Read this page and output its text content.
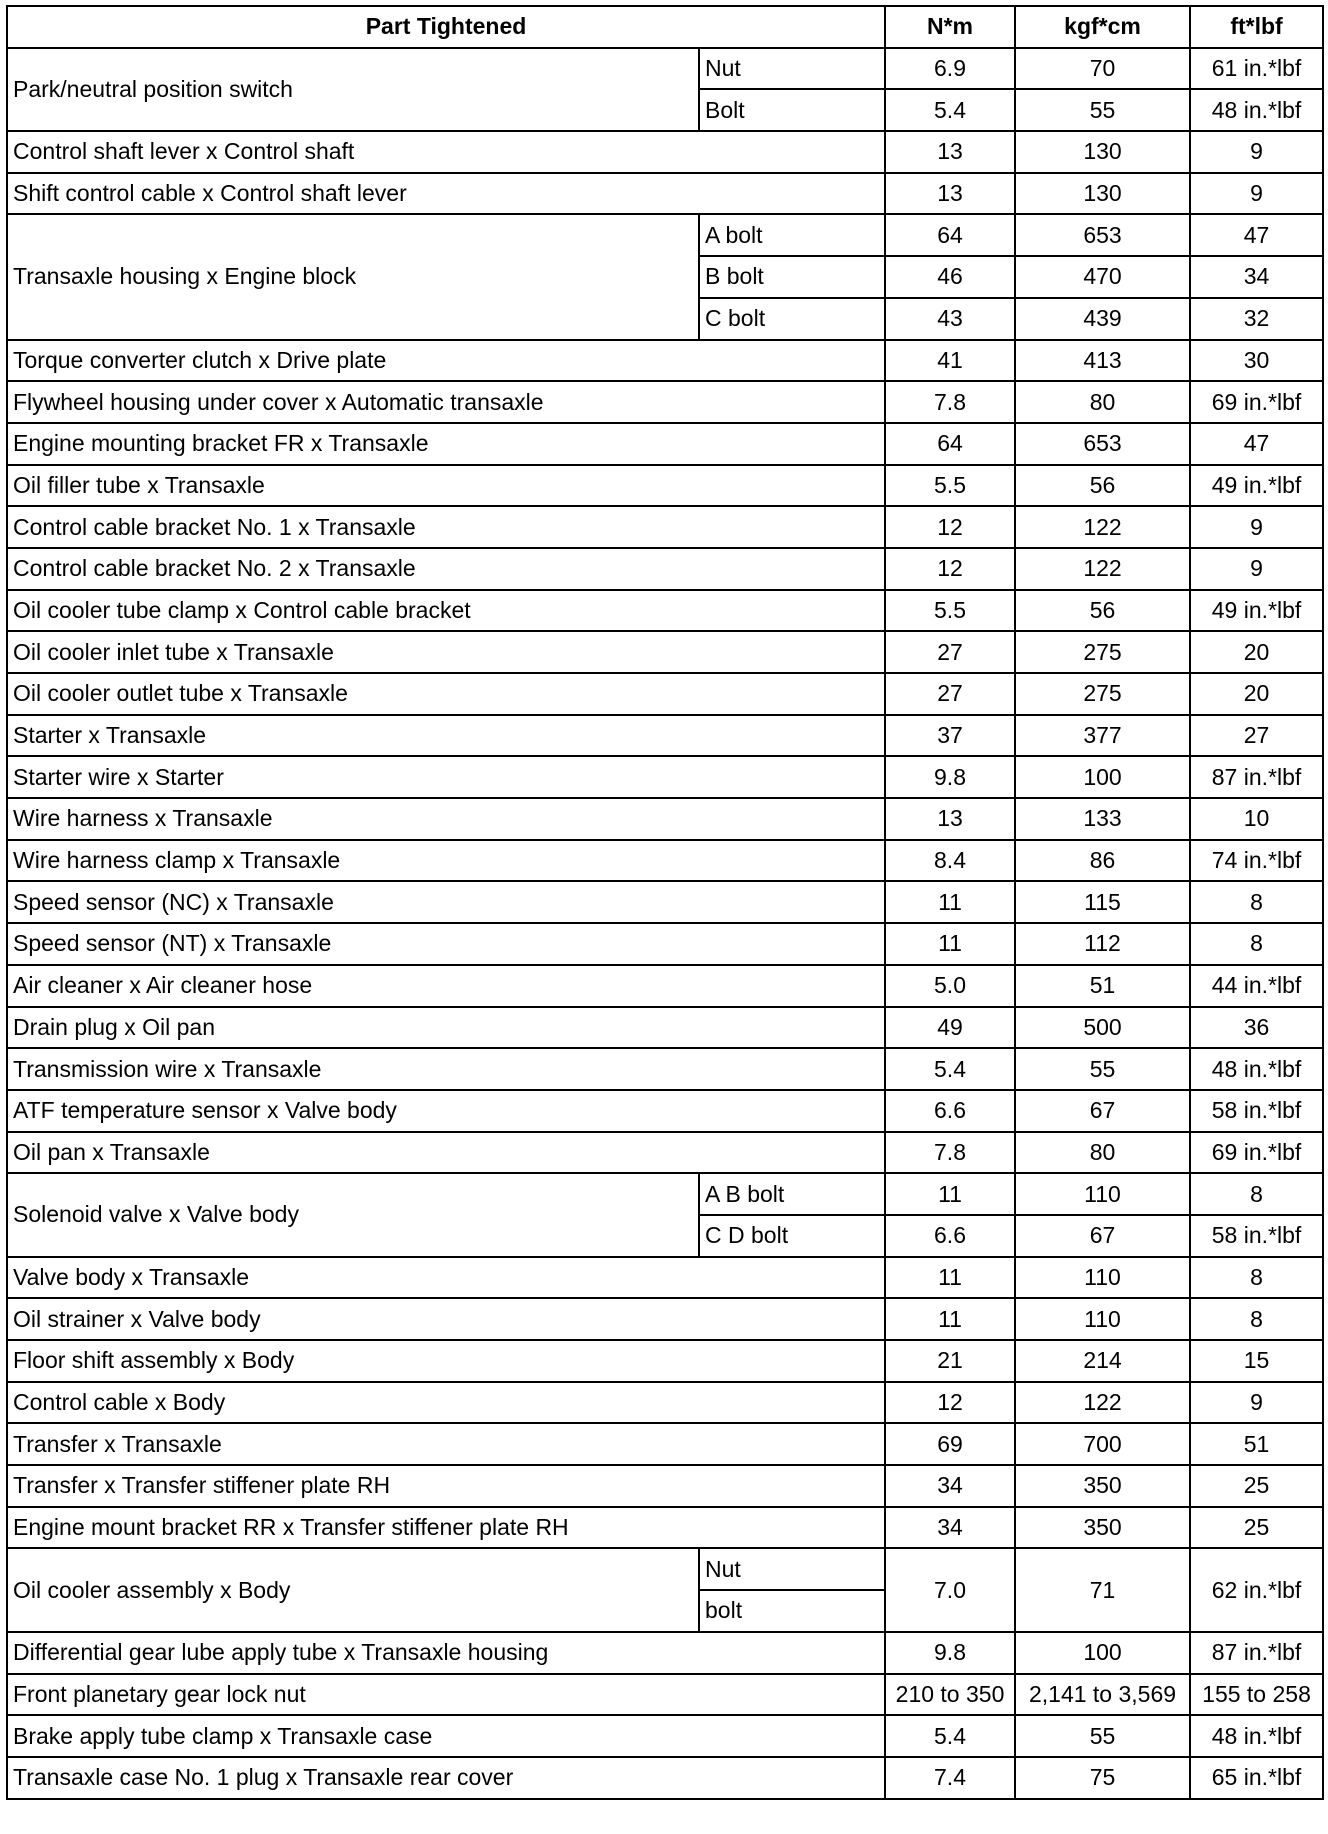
Part Tightened		N*m	kgf*cm	ft*lbf
Park/neutral position switch	Nut	6.9	70	61 in.*lbf
	Bolt	5.4	55	48 in.*lbf
Control shaft lever x Control shaft		13	130	9
Shift control cable x Control shaft lever		13	130	9
Transaxle housing x Engine block	A bolt	64	653	47
	B bolt	46	470	34
	C bolt	43	439	32
Torque converter clutch x Drive plate		41	413	30
Flywheel housing under cover x Automatic transaxle		7.8	80	69 in.*lbf
Engine mounting bracket FR x Transaxle		64	653	47
Oil filler tube x Transaxle		5.5	56	49 in.*lbf
Control cable bracket No. 1 x Transaxle		12	122	9
Control cable bracket No. 2 x Transaxle		12	122	9
Oil cooler tube clamp x Control cable bracket		5.5	56	49 in.*lbf
Oil cooler inlet tube x Transaxle		27	275	20
Oil cooler outlet tube x Transaxle		27	275	20
Starter x Transaxle		37	377	27
Starter wire x Starter		9.8	100	87 in.*lbf
Wire harness x Transaxle		13	133	10
Wire harness clamp x Transaxle		8.4	86	74 in.*lbf
Speed sensor (NC) x Transaxle		11	115	8
Speed sensor (NT) x Transaxle		11	112	8
Air cleaner x Air cleaner hose		5.0	51	44 in.*lbf
Drain plug x Oil pan		49	500	36
Transmission wire x Transaxle		5.4	55	48 in.*lbf
ATF temperature sensor x Valve body		6.6	67	58 in.*lbf
Oil pan x Transaxle		7.8	80	69 in.*lbf
Solenoid valve x Valve body	A B bolt	11	110	8
	C D bolt	6.6	67	58 in.*lbf
Valve body x Transaxle		11	110	8
Oil strainer x Valve body		11	110	8
Floor shift assembly x Body		21	214	15
Control cable x Body		12	122	9
Transfer x Transaxle		69	700	51
Transfer x Transfer stiffener plate RH		34	350	25
Engine mount bracket RR x Transfer stiffener plate RH		34	350	25
Oil cooler assembly x Body	Nut	7.0	71	62 in.*lbf
	bolt			
Differential gear lube apply tube x Transaxle housing		9.8	100	87 in.*lbf
Front planetary gear lock nut		210 to 350	2,141 to 3,569	155 to 258
Brake apply tube clamp x Transaxle case		5.4	55	48 in.*lbf
Transaxle case No. 1 plug x Transaxle rear cover		7.4	75	65 in.*lbf
